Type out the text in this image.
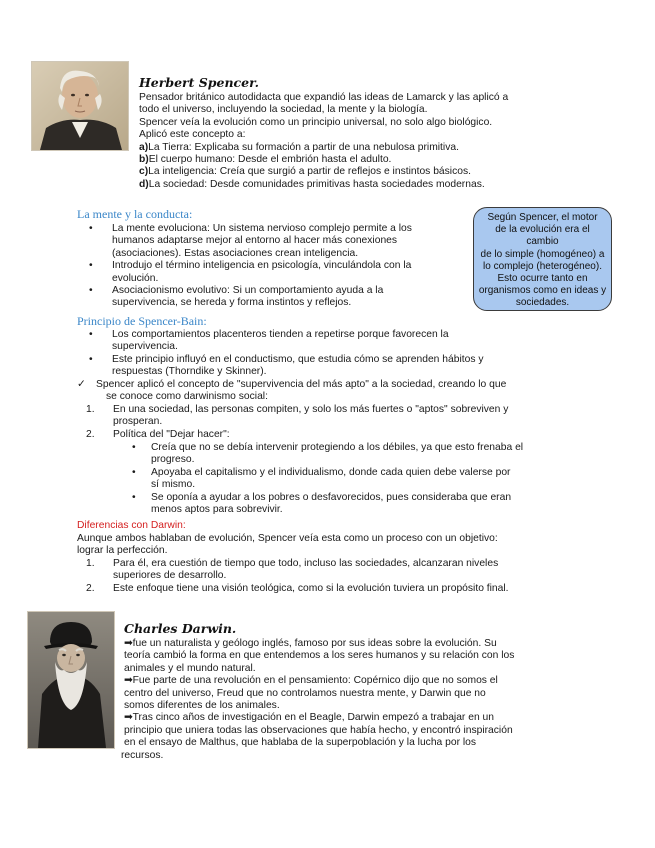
Herbert Spencer.
Pensador británico autodidacta que expandió las ideas de Lamarck y las aplicó a
todo el universo, incluyendo la sociedad, la mente y la biología.
Spencer veía la evolución como un principio universal, no solo algo biológico.
Aplicó este concepto a:
a)La Tierra: Explicaba su formación a partir de una nebulosa primitiva.
b)El cuerpo humano: Desde el embrión hasta el adulto.
c)La inteligencia: Creía que surgió a partir de reflejos e instintos básicos.
d)La sociedad: Desde comunidades primitivas hasta sociedades modernas.
La mente y la conducta:
• La mente evoluciona: Un sistema nervioso complejo permite a los
humanos adaptarse mejor al entorno al hacer más conexiones
(asociaciones). Estas asociaciones crean inteligencia.
• Introdujo el término inteligencia en psicología, vinculándola con la
evolución.
• Asociacionismo evolutivo: Si un comportamiento ayuda a la
supervivencia, se hereda y forma instintos y reflejos.
Según Spencer, el motor
de la evolución era el cambio
de lo simple (homogéneo) a
lo complejo (heterogéneo).
Esto ocurre tanto en
organismos como en ideas y
sociedades.
Principio de Spencer-Bain:
• Los comportamientos placenteros tienden a repetirse porque favorecen la
supervivencia.
• Este principio influyó en el conductismo, que estudia cómo se aprenden hábitos y
respuestas (Thorndike y Skinner).
✓ Spencer aplicó el concepto de "supervivencia del más apto" a la sociedad, creando lo que
se conoce como darwinismo social:
1. En una sociedad, las personas compiten, y solo los más fuertes o "aptos" sobreviven y
prosperan.
2. Política del "Dejar hacer":
• Creía que no se debía intervenir protegiendo a los débiles, ya que esto frenaba el
progreso.
• Apoyaba el capitalismo y el individualismo, donde cada quien debe valerse por
sí mismo.
• Se oponía a ayudar a los pobres o desfavorecidos, pues consideraba que eran
menos aptos para sobrevivir.
Diferencias con Darwin:
Aunque ambos hablaban de evolución, Spencer veía esta como un proceso con un objetivo:
lograr la perfección.
1. Para él, era cuestión de tiempo que todo, incluso las sociedades, alcanzaran niveles
superiores de desarrollo.
2. Este enfoque tiene una visión teológica, como si la evolución tuviera un propósito final.
Charles Darwin.
➡fue un naturalista y geólogo inglés, famoso por sus ideas sobre la evolución. Su
teoría cambió la forma en que entendemos a los seres humanos y su relación con los
animales y el mundo natural.
➡Fue parte de una revolución en el pensamiento: Copérnico dijo que no somos el
centro del universo, Freud que no controlamos nuestra mente, y Darwin que no
somos diferentes de los animales.
➡Tras cinco años de investigación en el Beagle, Darwin empezó a trabajar en un
principio que uniera todas las observaciones que había hecho, y encontró inspiración
en el ensayo de Malthus, que hablaba de la superpoblación y la lucha por los
recursos.
